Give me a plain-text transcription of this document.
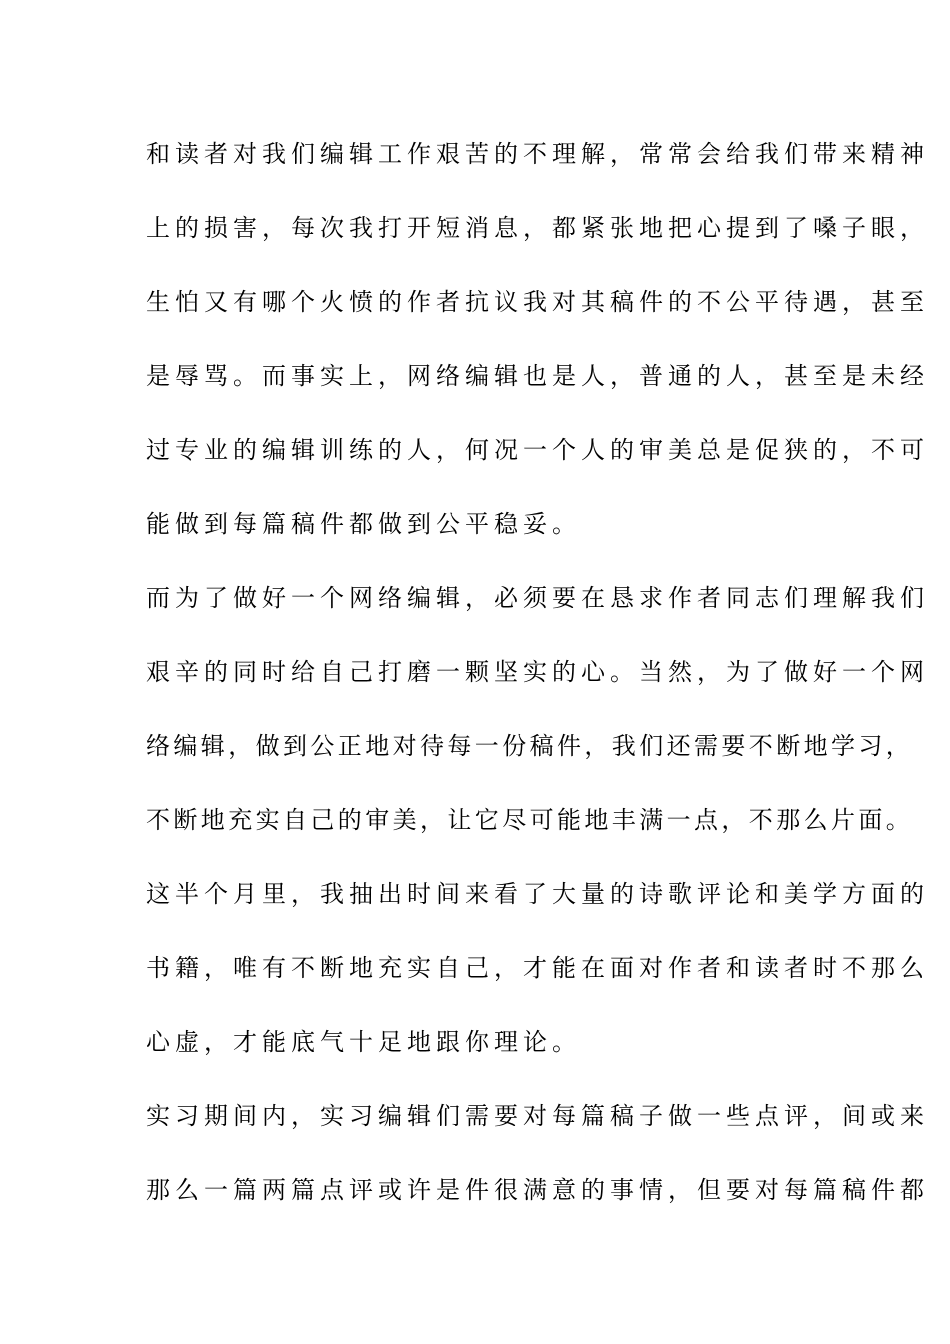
和读者对我们编辑工作艰苦的不理解，常常会给我们带来精神
上的损害，每次我打开短消息，都紧张地把心提到了嗓子眼，
生怕又有哪个火愤的作者抗议我对其稿件的不公平待遇，甚至
是辱骂。而事实上，网络编辑也是人，普通的人，甚至是未经
过专业的编辑训练的人，何况一个人的审美总是促狭的，不可
能做到每篇稿件都做到公平稳妥。
而为了做好一个网络编辑，必须要在恳求作者同志们理解我们
艰辛的同时给自己打磨一颗坚实的心。当然，为了做好一个网
络编辑，做到公正地对待每一份稿件，我们还需要不断地学习，
不断地充实自己的审美，让它尽可能地丰满一点，不那么片面。
这半个月里，我抽出时间来看了大量的诗歌评论和美学方面的
书籍，唯有不断地充实自己，才能在面对作者和读者时不那么
心虚，才能底气十足地跟你理论。
实习期间内，实习编辑们需要对每篇稿子做一些点评，间或来
那么一篇两篇点评或许是件很满意的事情，但要对每篇稿件都
